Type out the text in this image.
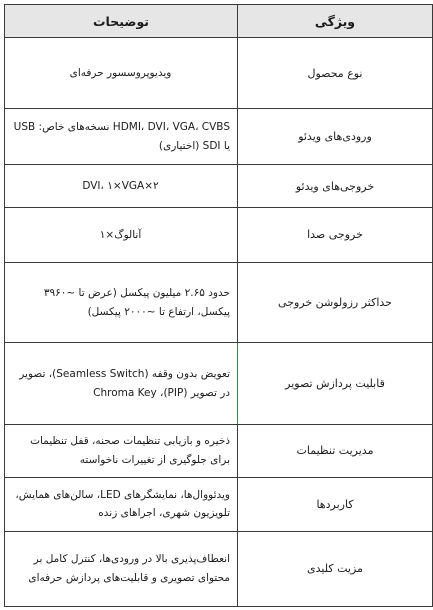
ویژگی	توضیحات
نوع محصول	ویدیوپروسسور حرفه‌ای
ورودی‌های ویدئو	HDMI، DVI، VGA، CVBS نسخه‌های خاص: USB یا SDI (اختیاری)
خروجی‌های ویدئو	۲×DVI، ۱×VGA
خروجی صدا	آنالوگ×۱
حداکثر رزولوشن خروجی	حدود ۲.۶۵ میلیون پیکسل (عرض تا ~۳۹۶۰ پیکسل، ارتفاع تا ~۲۰۰۰ پیکسل)
قابلیت پردازش تصویر	تعویض بدون وقفه (Seamless Switch)، تصویر در تصویر (PIP)، Chroma Key
مدیریت تنظیمات	ذخیره و بازیابی تنظیمات صحنه، قفل تنظیمات برای جلوگیری از تغییرات ناخواسته
کاربردها	ویدئووال‌ها، نمایشگرهای LED، سالن‌های همایش، تلویزیون شهری، اجراهای زنده
مزیت کلیدی	انعطاف‌پذیری بالا در ورودی‌ها، کنترل کامل بر محتوای تصویری و قابلیت‌های پردازش حرفه‌ای
